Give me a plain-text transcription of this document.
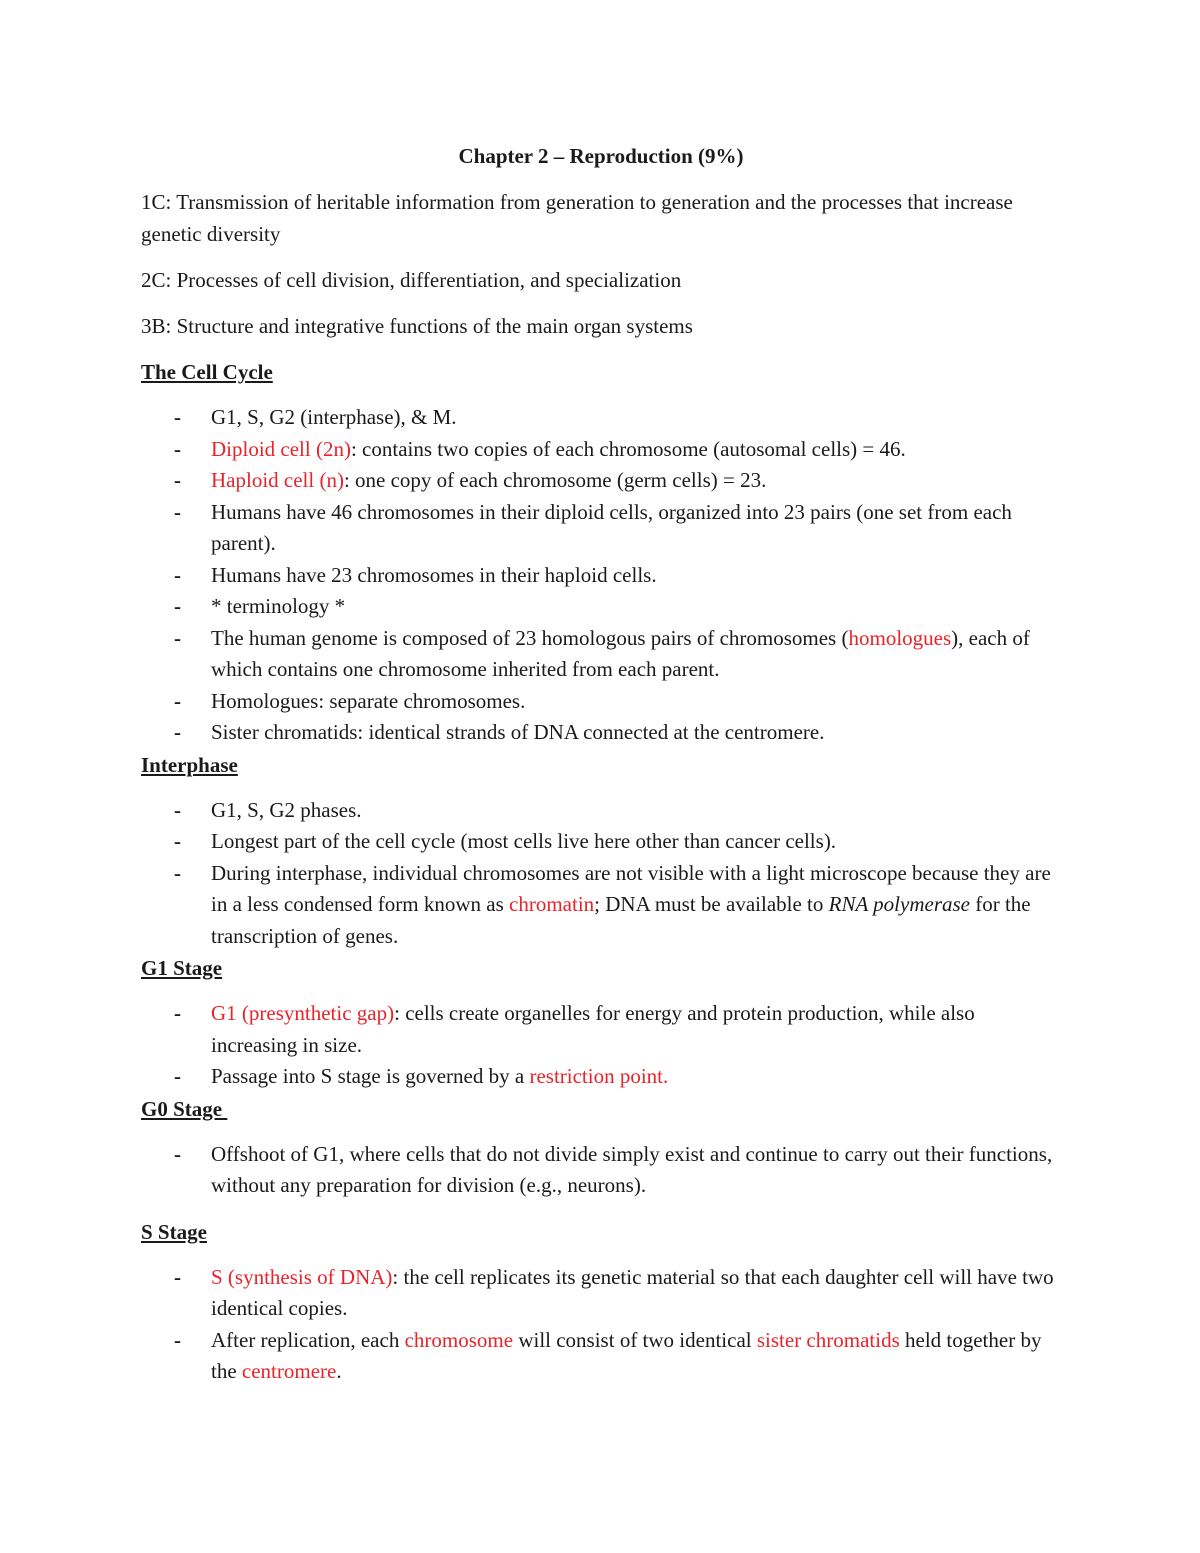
Chapter 2 – Reproduction (9%)
1C: Transmission of heritable information from generation to generation and the processes that increase genetic diversity
2C: Processes of cell division, differentiation, and specialization
3B: Structure and integrative functions of the main organ systems
The Cell Cycle
- G1, S, G2 (interphase), & M.
- Diploid cell (2n): contains two copies of each chromosome (autosomal cells) = 46.
- Haploid cell (n): one copy of each chromosome (germ cells) = 23.
- Humans have 46 chromosomes in their diploid cells, organized into 23 pairs (one set from each parent).
- Humans have 23 chromosomes in their haploid cells.
- * terminology *
- The human genome is composed of 23 homologous pairs of chromosomes (homologues), each of which contains one chromosome inherited from each parent.
- Homologues: separate chromosomes.
- Sister chromatids: identical strands of DNA connected at the centromere.
Interphase
- G1, S, G2 phases.
- Longest part of the cell cycle (most cells live here other than cancer cells).
- During interphase, individual chromosomes are not visible with a light microscope because they are in a less condensed form known as chromatin; DNA must be available to RNA polymerase for the transcription of genes.
G1 Stage
- G1 (presynthetic gap): cells create organelles for energy and protein production, while also increasing in size.
- Passage into S stage is governed by a restriction point.
G0 Stage
- Offshoot of G1, where cells that do not divide simply exist and continue to carry out their functions, without any preparation for division (e.g., neurons).
S Stage
- S (synthesis of DNA): the cell replicates its genetic material so that each daughter cell will have two identical copies.
- After replication, each chromosome will consist of two identical sister chromatids held together by the centromere.
